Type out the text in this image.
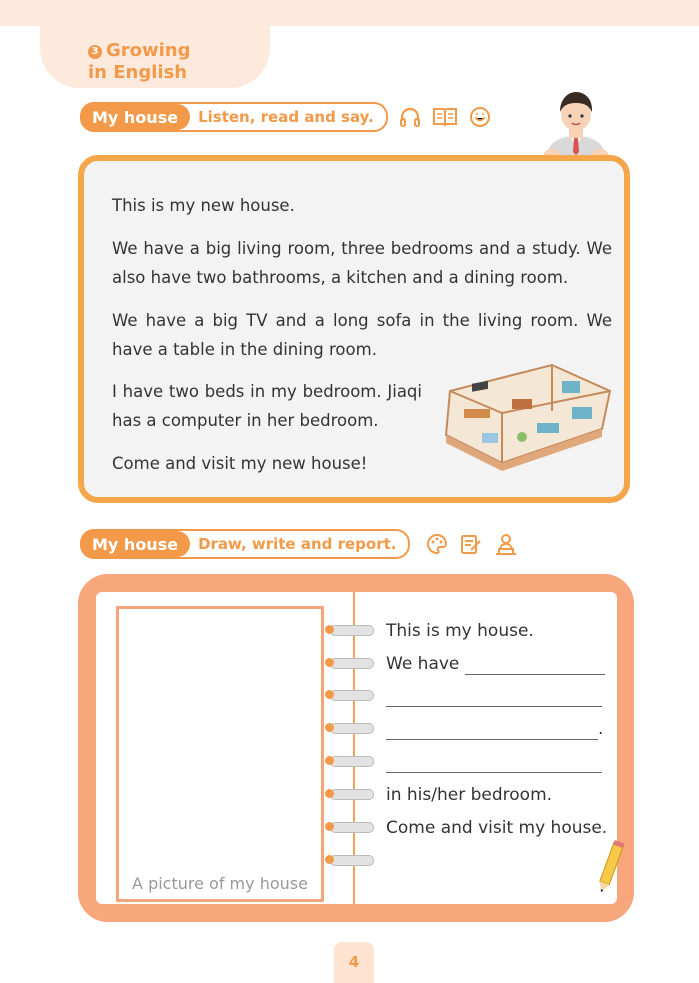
3 Growing
in English
My house	Listen, read and say.
This is my new house.
We have a big living room, three bedrooms and a study. We also have two bathrooms, a kitchen and a dining room.
We have a big TV and a long sofa in the living room. We have a table in the dining room.
I have two beds in my bedroom. Jiaqi has a computer in her bedroom.
Come and visit my new house!
My house	Draw, write and report.
A picture of my house
This is my house.
We have

.

in his/her bedroom.
Come and visit my house.
4
